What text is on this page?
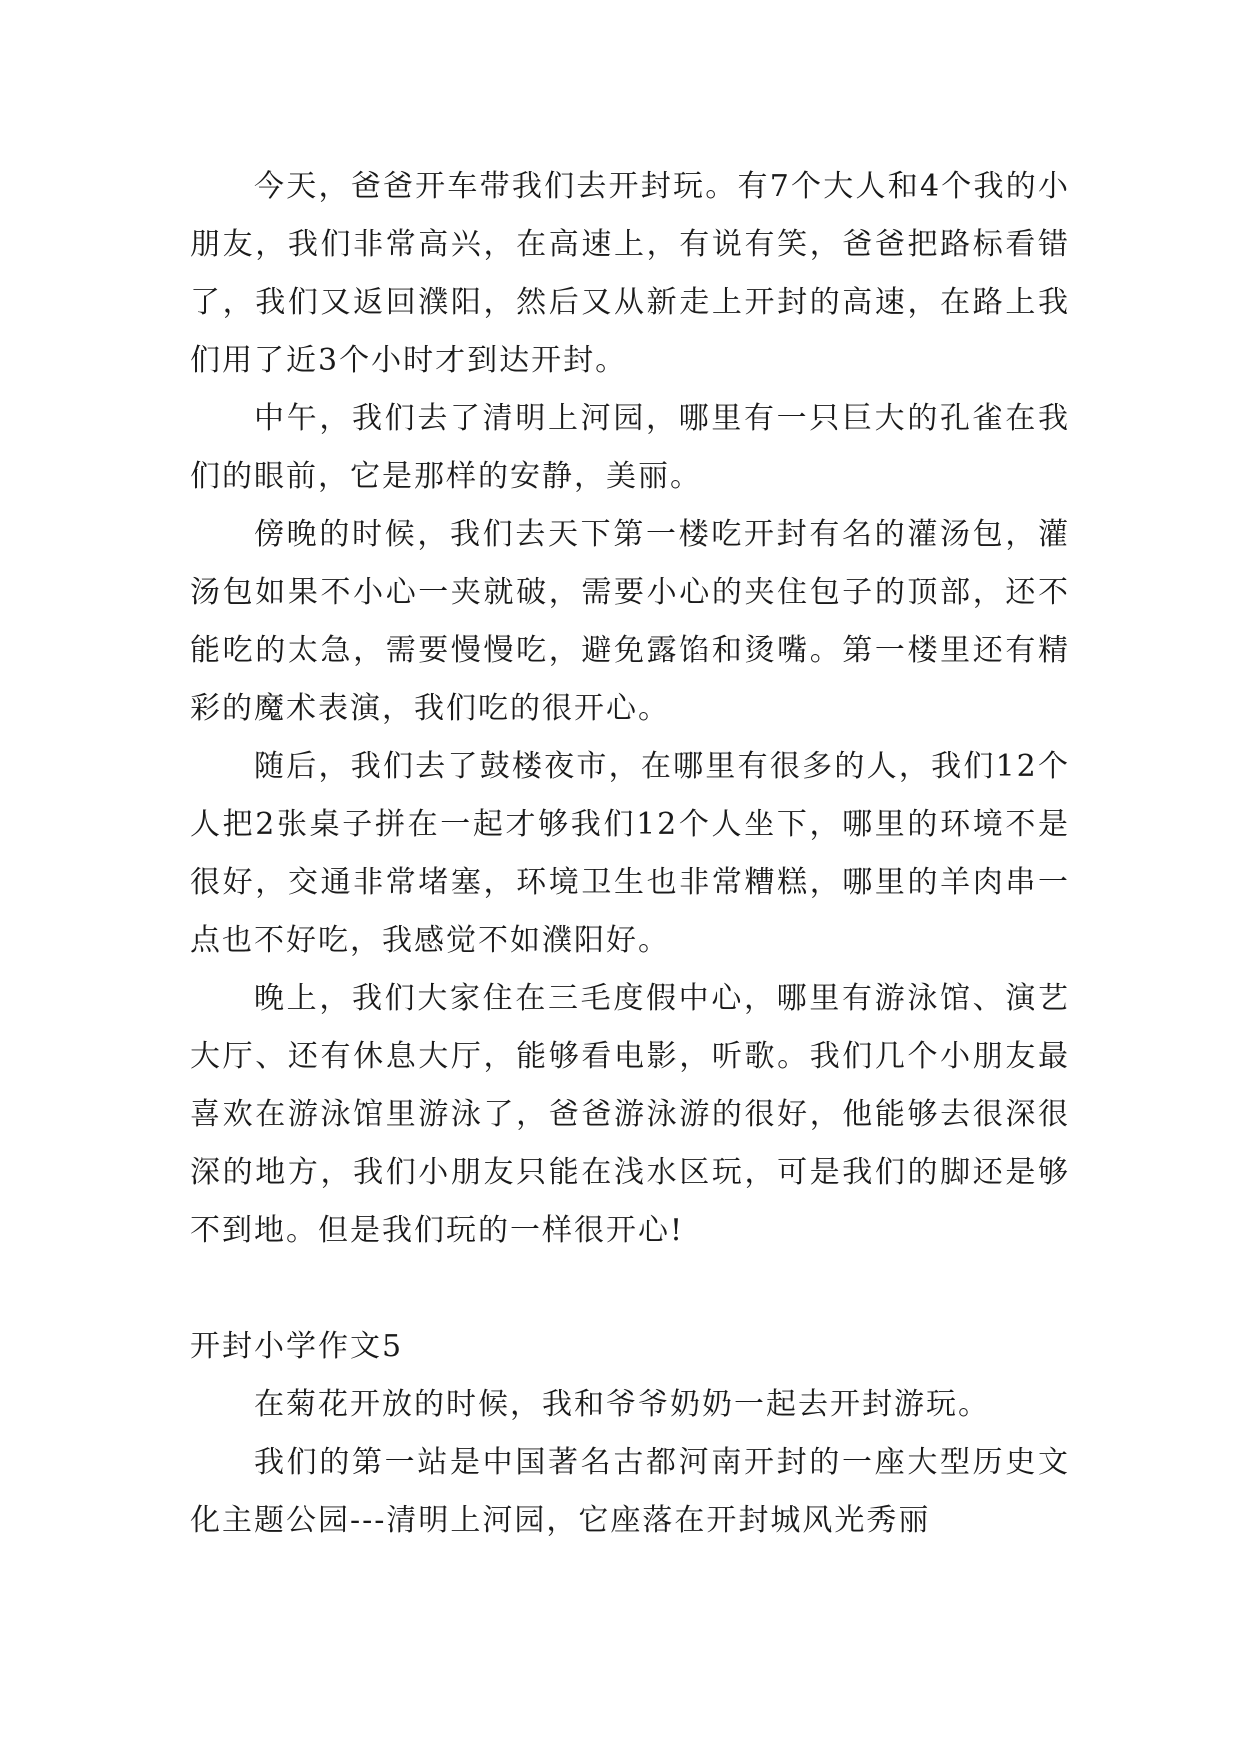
今天，爸爸开车带我们去开封玩。有7个大人和4个我的小朋友，我们非常高兴，在高速上，有说有笑，爸爸把路标看错了，我们又返回濮阳，然后又从新走上开封的高速，在路上我们用了近3个小时才到达开封。

中午，我们去了清明上河园，哪里有一只巨大的孔雀在我们的眼前，它是那样的安静，美丽。

傍晚的时候，我们去天下第一楼吃开封有名的灌汤包，灌汤包如果不小心一夹就破，需要小心的夹住包子的顶部，还不能吃的太急，需要慢慢吃，避免露馅和烫嘴。第一楼里还有精彩的魔术表演，我们吃的很开心。

随后，我们去了鼓楼夜市，在哪里有很多的人，我们12个人把2张桌子拼在一起才够我们12个人坐下，哪里的环境不是很好，交通非常堵塞，环境卫生也非常糟糕，哪里的羊肉串一点也不好吃，我感觉不如濮阳好。

晚上，我们大家住在三毛度假中心，哪里有游泳馆、演艺大厅、还有休息大厅，能够看电影，听歌。我们几个小朋友最喜欢在游泳馆里游泳了，爸爸游泳游的很好，他能够去很深很深的地方，我们小朋友只能在浅水区玩，可是我们的脚还是够不到地。但是我们玩的一样很开心!

开封小学作文5

在菊花开放的时候，我和爷爷奶奶一起去开封游玩。

我们的第一站是中国著名古都河南开封的一座大型历史文化主题公园---清明上河园，它座落在开封城风光秀丽
